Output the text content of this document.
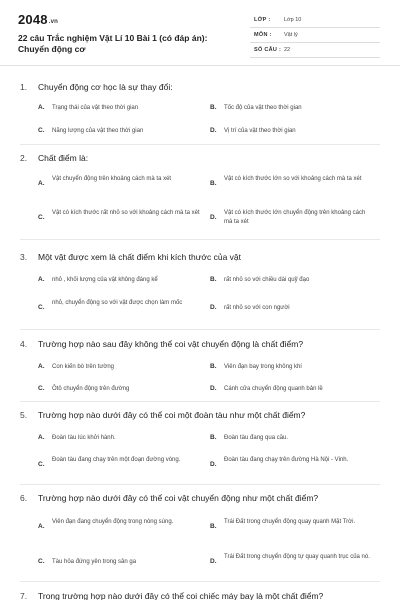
2048.vn
22 câu Trắc nghiệm Vật Lí 10 Bài 1 (có đáp án): Chuyển động cơ
LỚP : Lớp 10
MÔN : Vật lý
SỐ CÂU : 22
1. Chuyển động cơ học là sự thay đổi:
A. Trạng thái của vật theo thời gian	B. Tốc độ của vật theo thời gian
C. Năng lượng của vật theo thời gian	D. Vị trí của vật theo thời gian
2. Chất điểm là:
A.
Vật chuyển động trên khoảng cách mà ta xét
B.
Vật có kích thước lớn so với khoảng cách mà ta xét
C.
Vật có kích thước rất nhỏ so với khoảng cách mà ta xét
D.
Vật có kích thước lớn chuyển động trên khoảng cách mà ta xét
3. Một vật được xem là chất điểm khi kích thước của vật
A. nhỏ , khối lượng của vật không đáng kể	B. rất nhỏ so với chiều dài quỹ đạo
C.
nhỏ, chuyển động so với vật được chọn làm mốc
D. rất nhỏ so với con người
4. Trường hợp nào sau đây không thể coi vật chuyển động là chất điểm?
A. Con kiến bò trên tường	B. Viên đạn bay trong không khí
C. Ôtô chuyển động trên đường	D. Cánh cửa chuyển động quanh bản lề
5. Trường hợp nào dưới đây có thể coi một đoàn tàu như một chất điểm?
A. Đoàn tàu lúc khởi hành.	B. Đoàn tàu đang qua cầu.
C.
Đoàn tàu đang chạy trên một đoạn đường vòng.
D.
Đoàn tàu đang chạy trên đường Hà Nội - Vinh.
6. Trường hợp nào dưới đây có thể coi vật chuyển động như một chất điểm?
A.
Viên đạn đang chuyển động trong nòng súng.
B.
Trái Đất trong chuyển động quay quanh Mặt Trời.
C. Tàu hỏa đứng yên trong sân ga	D.
Trái Đất trong chuyển động tự quay quanh trục của nó.
7. Trong trường hợp nào dưới đây có thể coi chiếc máy bay là một chất điểm?
